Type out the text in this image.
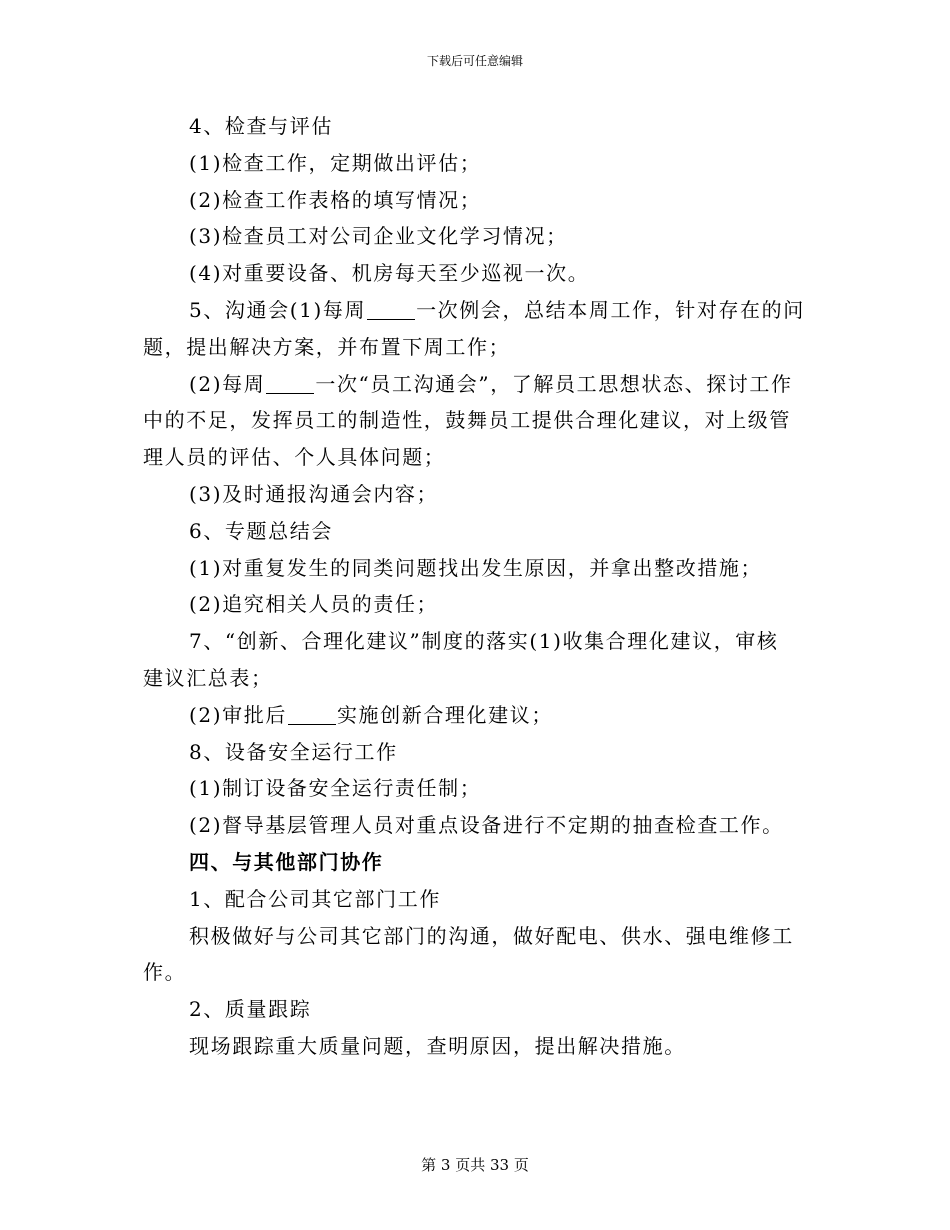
下载后可任意编辑

4、检查与评估

(1)检查工作，定期做出评估；

(2)检查工作表格的填写情况；

(3)检查员工对公司企业文化学习情况；

(4)对重要设备、机房每天至少巡视一次。

5、沟通会(1)每周	一次例会，总结本周工作，针对存在的问

题，提出解决方案，并布置下周工作；

(2)每周	一次“员工沟通会”，了解员工思想状态、探讨工作

中的不足，发挥员工的制造性，鼓舞员工提供合理化建议，对上级管

理人员的评估、个人具体问题；

(3)及时通报沟通会内容；

6、专题总结会

(1)对重复发生的同类问题找出发生原因，并拿出整改措施；

(2)追究相关人员的责任；

7、“创新、合理化建议”制度的落实(1)收集合理化建议，审核

建议汇总表；

(2)审批后	实施创新合理化建议；

8、设备安全运行工作

(1)制订设备安全运行责任制；

(2)督导基层管理人员对重点设备进行不定期的抽查检查工作。

四、与其他部门协作

1、配合公司其它部门工作

积极做好与公司其它部门的沟通，做好配电、供水、强电维修工

作。

2、质量跟踪

现场跟踪重大质量问题，查明原因，提出解决措施。

第 3 页共 33 页
